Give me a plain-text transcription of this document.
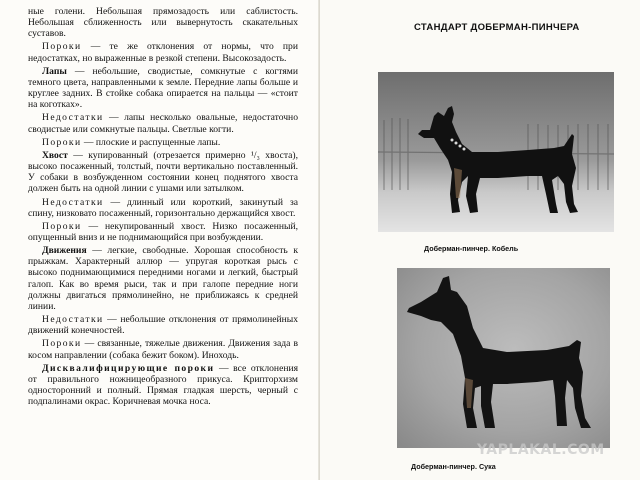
ные голени. Небольшая прямозадость или саблистость. Небольшая сближенность или вывернутость скакательных суставов.

Пороки — те же отклонения от нормы, что при недостатках, но выраженные в резкой степени. Высокозадость.

Лапы — небольшие, сводистые, сомкнутые с когтями темного цвета, направленными к земле. Передние лапы больше и круглее задних. В стойке собака опирается на пальцы — «стоит на коготках».

Недостатки — лапы несколько овальные, недостаточно сводистые или сомкнутые пальцы. Светлые когти.

Пороки — плоские и распущенные лапы.

Хвост — купированный (отрезается примерно ¹/₃ хвоста), высоко посаженный, толстый, почти вертикально поставленный. У собаки в возбужденном состоянии конец поднятого хвоста должен быть на одной линии с ушами или затылком.

Недостатки — длинный или короткий, закинутый за спину, низковато посаженный, горизонтально держащийся хвост.

Пороки — некупированный хвост. Низко посаженный, опущенный вниз и не поднимающийся при возбуждении.

Движения — легкие, свободные. Хорошая способность к прыжкам. Характерный аллюр — упругая короткая рысь с высоко поднимающимися передними ногами и легкий, быстрый галоп. Как во время рыси, так и при галопе передние ноги должны двигаться прямолинейно, не приближаясь к средней линии.

Недостатки — небольшие отклонения от прямолинейных движений конечностей.

Пороки — связанные, тяжелые движения. Движения зада в косом направлении (собака бежит боком). Иноходь.

Дисквалифицирующие пороки — все отклонения от правильного ножницеобразного прикуса. Крипторхизм односторонний и полный. Прямая гладкая шерсть, черный с подпалинами окрас. Коричневая мочка носа.

СТАНДАРТ ДОБЕРМАН-ПИНЧЕРА
Доберман-пинчер. Кобель
Доберман-пинчер. Сука
YAPLAKAL.COM
